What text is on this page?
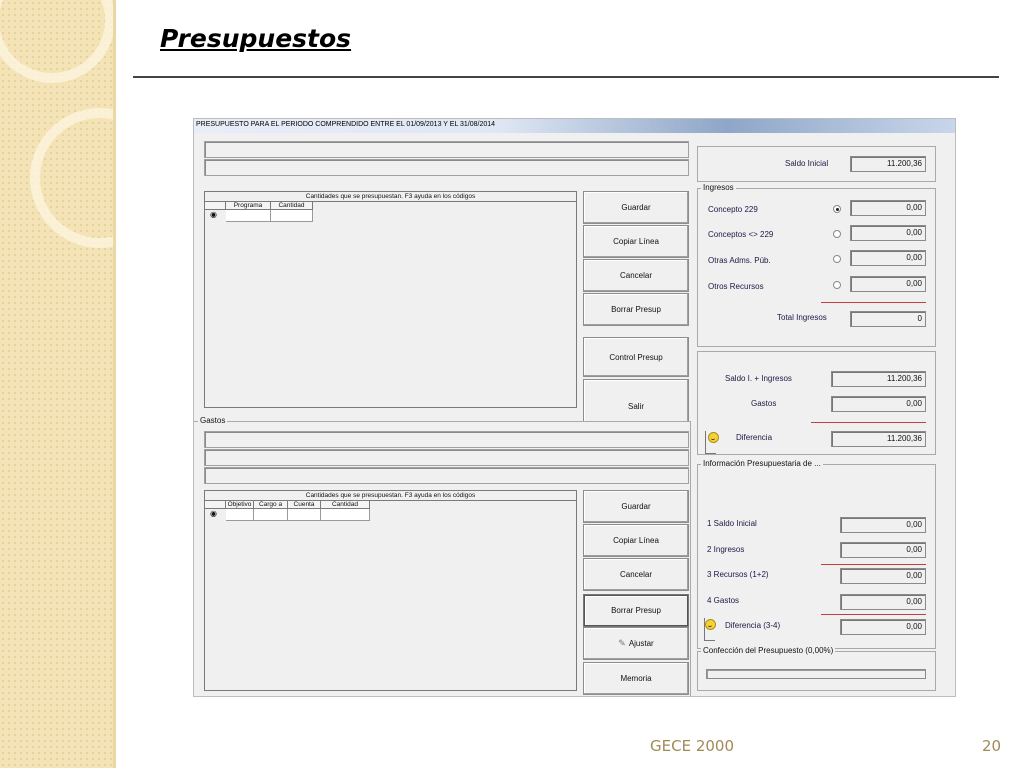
Presupuestos
PRESUPUESTO PARA EL PERIODO COMPRENDIDO ENTRE EL 01/09/2013 Y EL 31/08/2014
Cantidades que se presupuestan. F3 ayuda en los códigos
Programa	Cantidad
◉
Guardar
Copiar Línea
Cancelar
Borrar Presup
Control Presup
Salir
Saldo Inicial	11.200,36
Ingresos
Concepto 229	0,00
Conceptos <> 229	0,00
Otras Adms. Púb.	0,00
Otros Recursos	0,00
Total Ingresos	0
Saldo I. + Ingresos	11.200,36
Gastos	0,00
Diferencia	11.200,36
Gastos
Cantidades que se presupuestan. F3 ayuda en los códigos
Objetivo	Cargo a	Cuenta	Cantidad
◉
Guardar
Copiar Línea
Cancelar
Borrar Presup
✎ Ajustar
Memoria
Información Presupuestaria de ...
1 Saldo Inicial	0,00
2 Ingresos	0,00
3 Recursos (1+2)	0,00
4 Gastos	0,00
Diferencia (3-4)	0,00
Confección del Presupuesto (0,00%)
GECE 2000	20
